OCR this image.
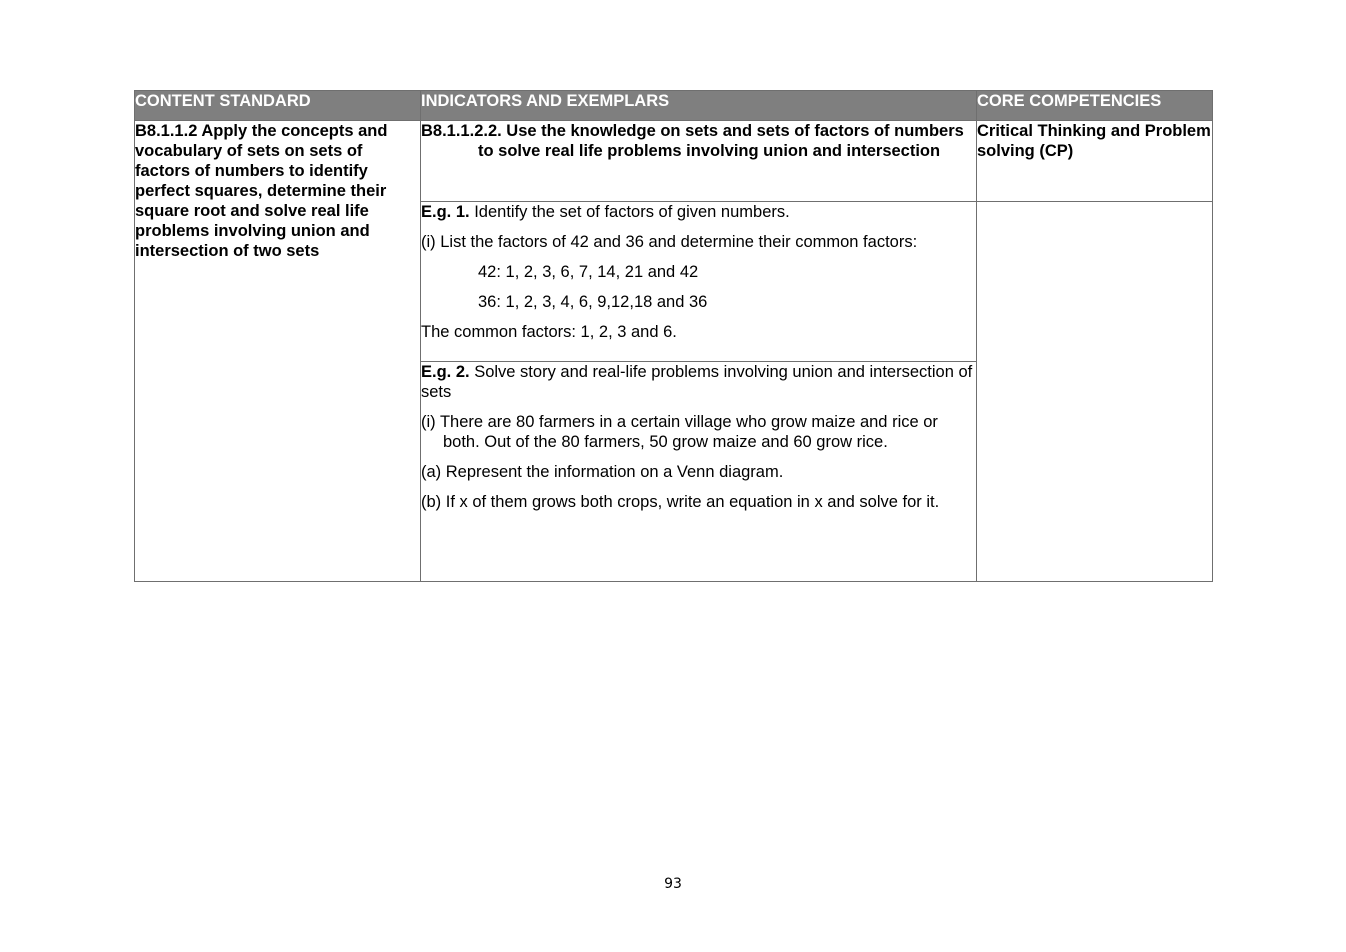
CONTENT STANDARD	INDICATORS AND EXEMPLARS	CORE COMPETENCIES
B8.1.1.2 Apply the concepts and vocabulary of sets on sets of factors of numbers to identify perfect squares, determine their square root and solve real life problems involving union and intersection of two sets	B8.1.1.2.2. Use the knowledge on sets and sets of factors of numbers to solve real life problems involving union and intersection	Critical Thinking and Problem solving (CP)

	E.g. 1. Identify the set of factors of given numbers.
(i) List the factors of 42 and 36 and determine their common factors:
42: 1, 2, 3, 6, 7, 14, 21 and 42
36: 1, 2, 3, 4, 6, 9,12,18 and 36
The common factors: 1, 2, 3 and 6.	

	E.g. 2. Solve story and real-life problems involving union and intersection of sets
(i) There are 80 farmers in a certain village who grow maize and rice or both. Out of the 80 farmers, 50 grow maize and 60 grow rice.
(a) Represent the information on a Venn diagram.
(b) If x of them grows both crops, write an equation in x and solve for it.	
93
